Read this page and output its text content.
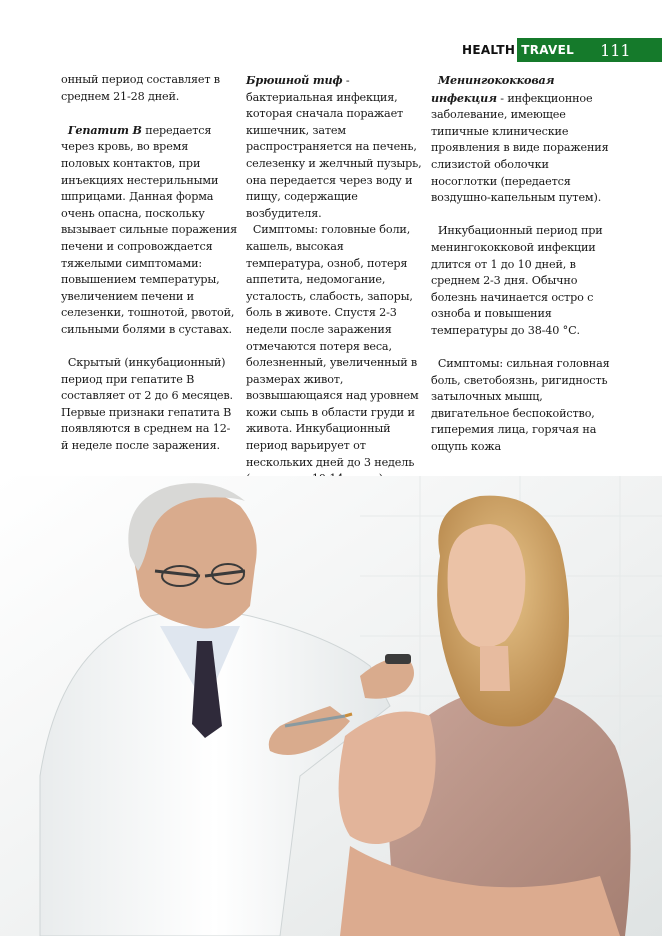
HEALTH TRAVEL 111

онный период составляет в среднем 21-28 дней.

Гепатит В передается через кровь, во время половых контактов, при инъекциях нестерильными шприцами. Данная форма очень опасна, поскольку вызывает сильные поражения печени и сопровождается тяжелыми симптомами: повышением температуры, увеличением печени и селезенки, тошнотой, рвотой, сильными болями в суставах.

Скрытый (инкубационный) период при гепатите В составляет от 2 до 6 месяцев. Первые признаки гепатита В появляются в среднем на 12-й неделе после заражения.

Брюшной тиф - бактериальная инфекция, которая сначала поражает кишечник, затем распространяется на печень, селезенку и желчный пузырь, она передается через воду и пищу, содержащие возбудителя.

Симптомы: головные боли, кашель, высокая температура, озноб, потеря аппетита, недомогание, усталость, слабость, запоры, боль в животе. Спустя 2-3 недели после заражения отмечаются потеря веса, болезненный, увеличенный в размерах живот, возвышающаяся над уровнем кожи сыпь в области груди и живота. Инкубационный период варьирует от нескольких дней до 3 недель

Менингококковая инфекция - инфекционное заболевание, имеющее типичные клинические проявления в виде поражения слизистой оболочки носоглотки (передается воздушно-капельным путем).

Инкубационный период при менингококковой инфекции длится от 1 до 10 дней, в среднем 2-3 дня. Обычно болезнь начинается остро с озноба и повышения температуры до 38-40 °С.

Симптомы: сильная головная боль, светобоязнь, ригидность затылочных мышц, двигательное беспокойство, гиперемия лица, горячая на ощупь кожа
